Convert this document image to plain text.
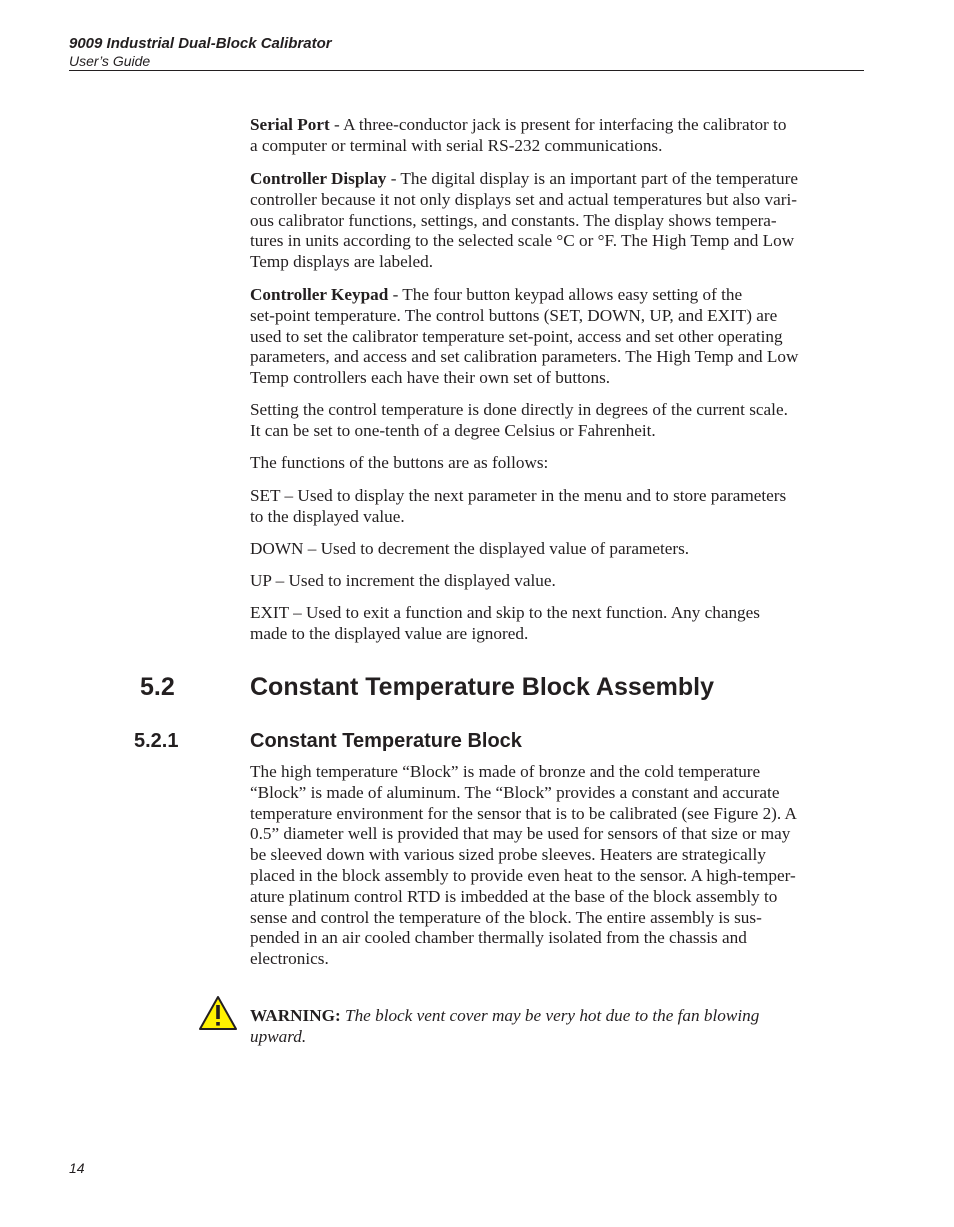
9009 Industrial Dual-Block Calibrator
User’s Guide

Serial Port - A three-conductor jack is present for interfacing the calibrator to
a computer or terminal with serial RS-232 communications.

Controller Display - The digital display is an important part of the temperature
controller because it not only displays set and actual temperatures but also vari-
ous calibrator functions, settings, and constants. The display shows tempera-
tures in units according to the selected scale °C or °F. The High Temp and Low
Temp displays are labeled.

Controller Keypad - The four button keypad allows easy setting of the
set-point temperature. The control buttons (SET, DOWN, UP, and EXIT) are
used to set the calibrator temperature set-point, access and set other operating
parameters, and access and set calibration parameters. The High Temp and Low
Temp controllers each have their own set of buttons.

Setting the control temperature is done directly in degrees of the current scale.
It can be set to one-tenth of a degree Celsius or Fahrenheit.

The functions of the buttons are as follows:

SET – Used to display the next parameter in the menu and to store parameters
to the displayed value.

DOWN – Used to decrement the displayed value of parameters.

UP – Used to increment the displayed value.

EXIT – Used to exit a function and skip to the next function. Any changes
made to the displayed value are ignored.

5.2	Constant Temperature Block Assembly
5.2.1	Constant Temperature Block

The high temperature “Block” is made of bronze and the cold temperature
“Block” is made of aluminum. The “Block” provides a constant and accurate
temperature environment for the sensor that is to be calibrated (see Figure 2). A
0.5” diameter well is provided that may be used for sensors of that size or may
be sleeved down with various sized probe sleeves. Heaters are strategically
placed in the block assembly to provide even heat to the sensor. A high-temper-
ature platinum control RTD is imbedded at the base of the block assembly to
sense and control the temperature of the block. The entire assembly is sus-
pended in an air cooled chamber thermally isolated from the chassis and
electronics.

WARNING: The block vent cover may be very hot due to the fan blowing
upward.

14
